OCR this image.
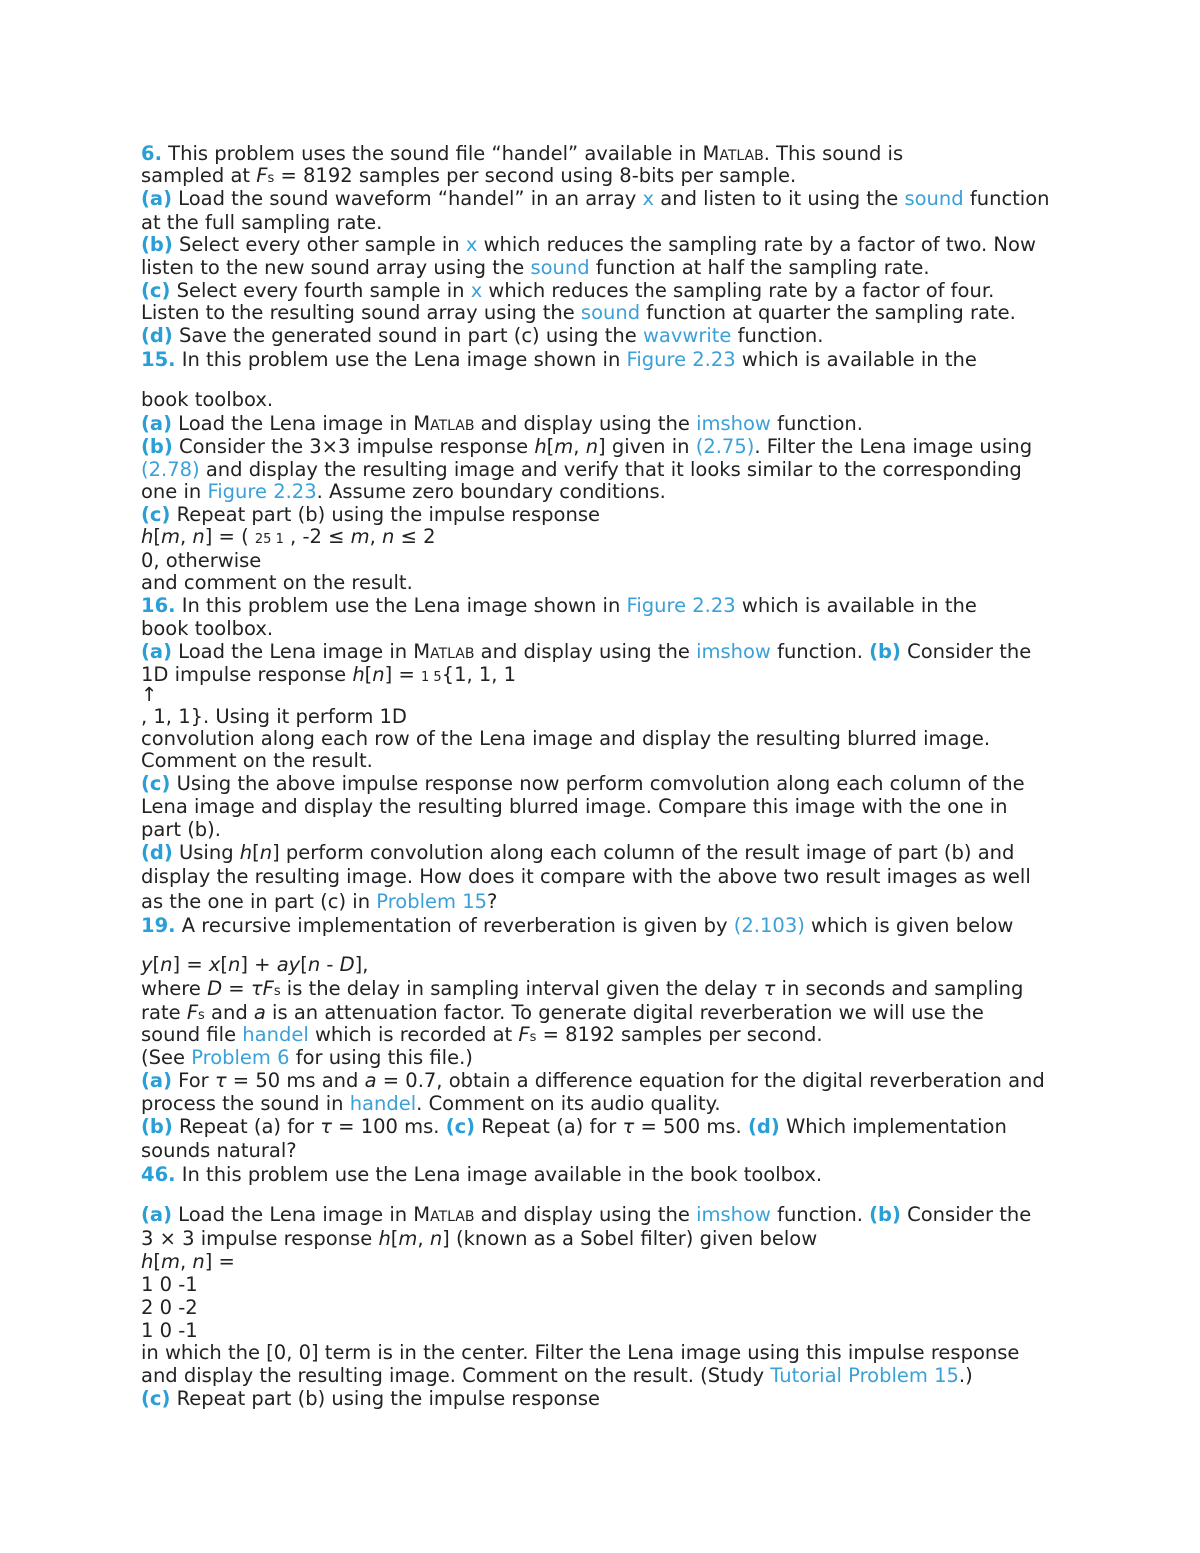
6. This problem uses the sound file “handel” available in Matlab. This sound is
sampled at Fs = 8192 samples per second using 8-bits per sample.
(a) Load the sound waveform “handel” in an array x and listen to it using the sound function
at the full sampling rate.
(b) Select every other sample in x which reduces the sampling rate by a factor of two. Now
listen to the new sound array using the sound function at half the sampling rate.
(c) Select every fourth sample in x which reduces the sampling rate by a factor of four.
Listen to the resulting sound array using the sound function at quarter the sampling rate.
(d) Save the generated sound in part (c) using the wavwrite function.
15. In this problem use the Lena image shown in Figure 2.23 which is available in the
book toolbox.
(a) Load the Lena image in Matlab and display using the imshow function.
(b) Consider the 3×3 impulse response h[m, n] given in (2.75). Filter the Lena image using
(2.78) and display the resulting image and verify that it looks similar to the corresponding
one in Figure 2.23. Assume zero boundary conditions.
(c) Repeat part (b) using the impulse response
h[m, n] = ( 25 1 , -2 ≤ m, n ≤ 2
0, otherwise
and comment on the result.
16. In this problem use the Lena image shown in Figure 2.23 which is available in the
book toolbox.
(a) Load the Lena image in Matlab and display using the imshow function. (b) Consider the
1D impulse response h[n] = 1 5{1, 1, 1
↑
, 1, 1}. Using it perform 1D
convolution along each row of the Lena image and display the resulting blurred image.
Comment on the result.
(c) Using the above impulse response now perform comvolution along each column of the
Lena image and display the resulting blurred image. Compare this image with the one in
part (b).
(d) Using h[n] perform convolution along each column of the result image of part (b) and
display the resulting image. How does it compare with the above two result images as well
as the one in part (c) in Problem 15?
19. A recursive implementation of reverberation is given by (2.103) which is given below
y[n] = x[n] + ay[n - D],
where D = τFs is the delay in sampling interval given the delay τ in seconds and sampling
rate Fs and a is an attenuation factor. To generate digital reverberation we will use the
sound file handel which is recorded at Fs = 8192 samples per second.
(See Problem 6 for using this file.)
(a) For τ = 50 ms and a = 0.7, obtain a difference equation for the digital reverberation and
process the sound in handel. Comment on its audio quality.
(b) Repeat (a) for τ = 100 ms. (c) Repeat (a) for τ = 500 ms. (d) Which implementation
sounds natural?
46. In this problem use the Lena image available in the book toolbox.
(a) Load the Lena image in Matlab and display using the imshow function. (b) Consider the
3 × 3 impulse response h[m, n] (known as a Sobel filter) given below
h[m, n] =
1 0 -1
2 0 -2
1 0 -1
in which the [0, 0] term is in the center. Filter the Lena image using this impulse response
and display the resulting image. Comment on the result. (Study Tutorial Problem 15.)
(c) Repeat part (b) using the impulse response
